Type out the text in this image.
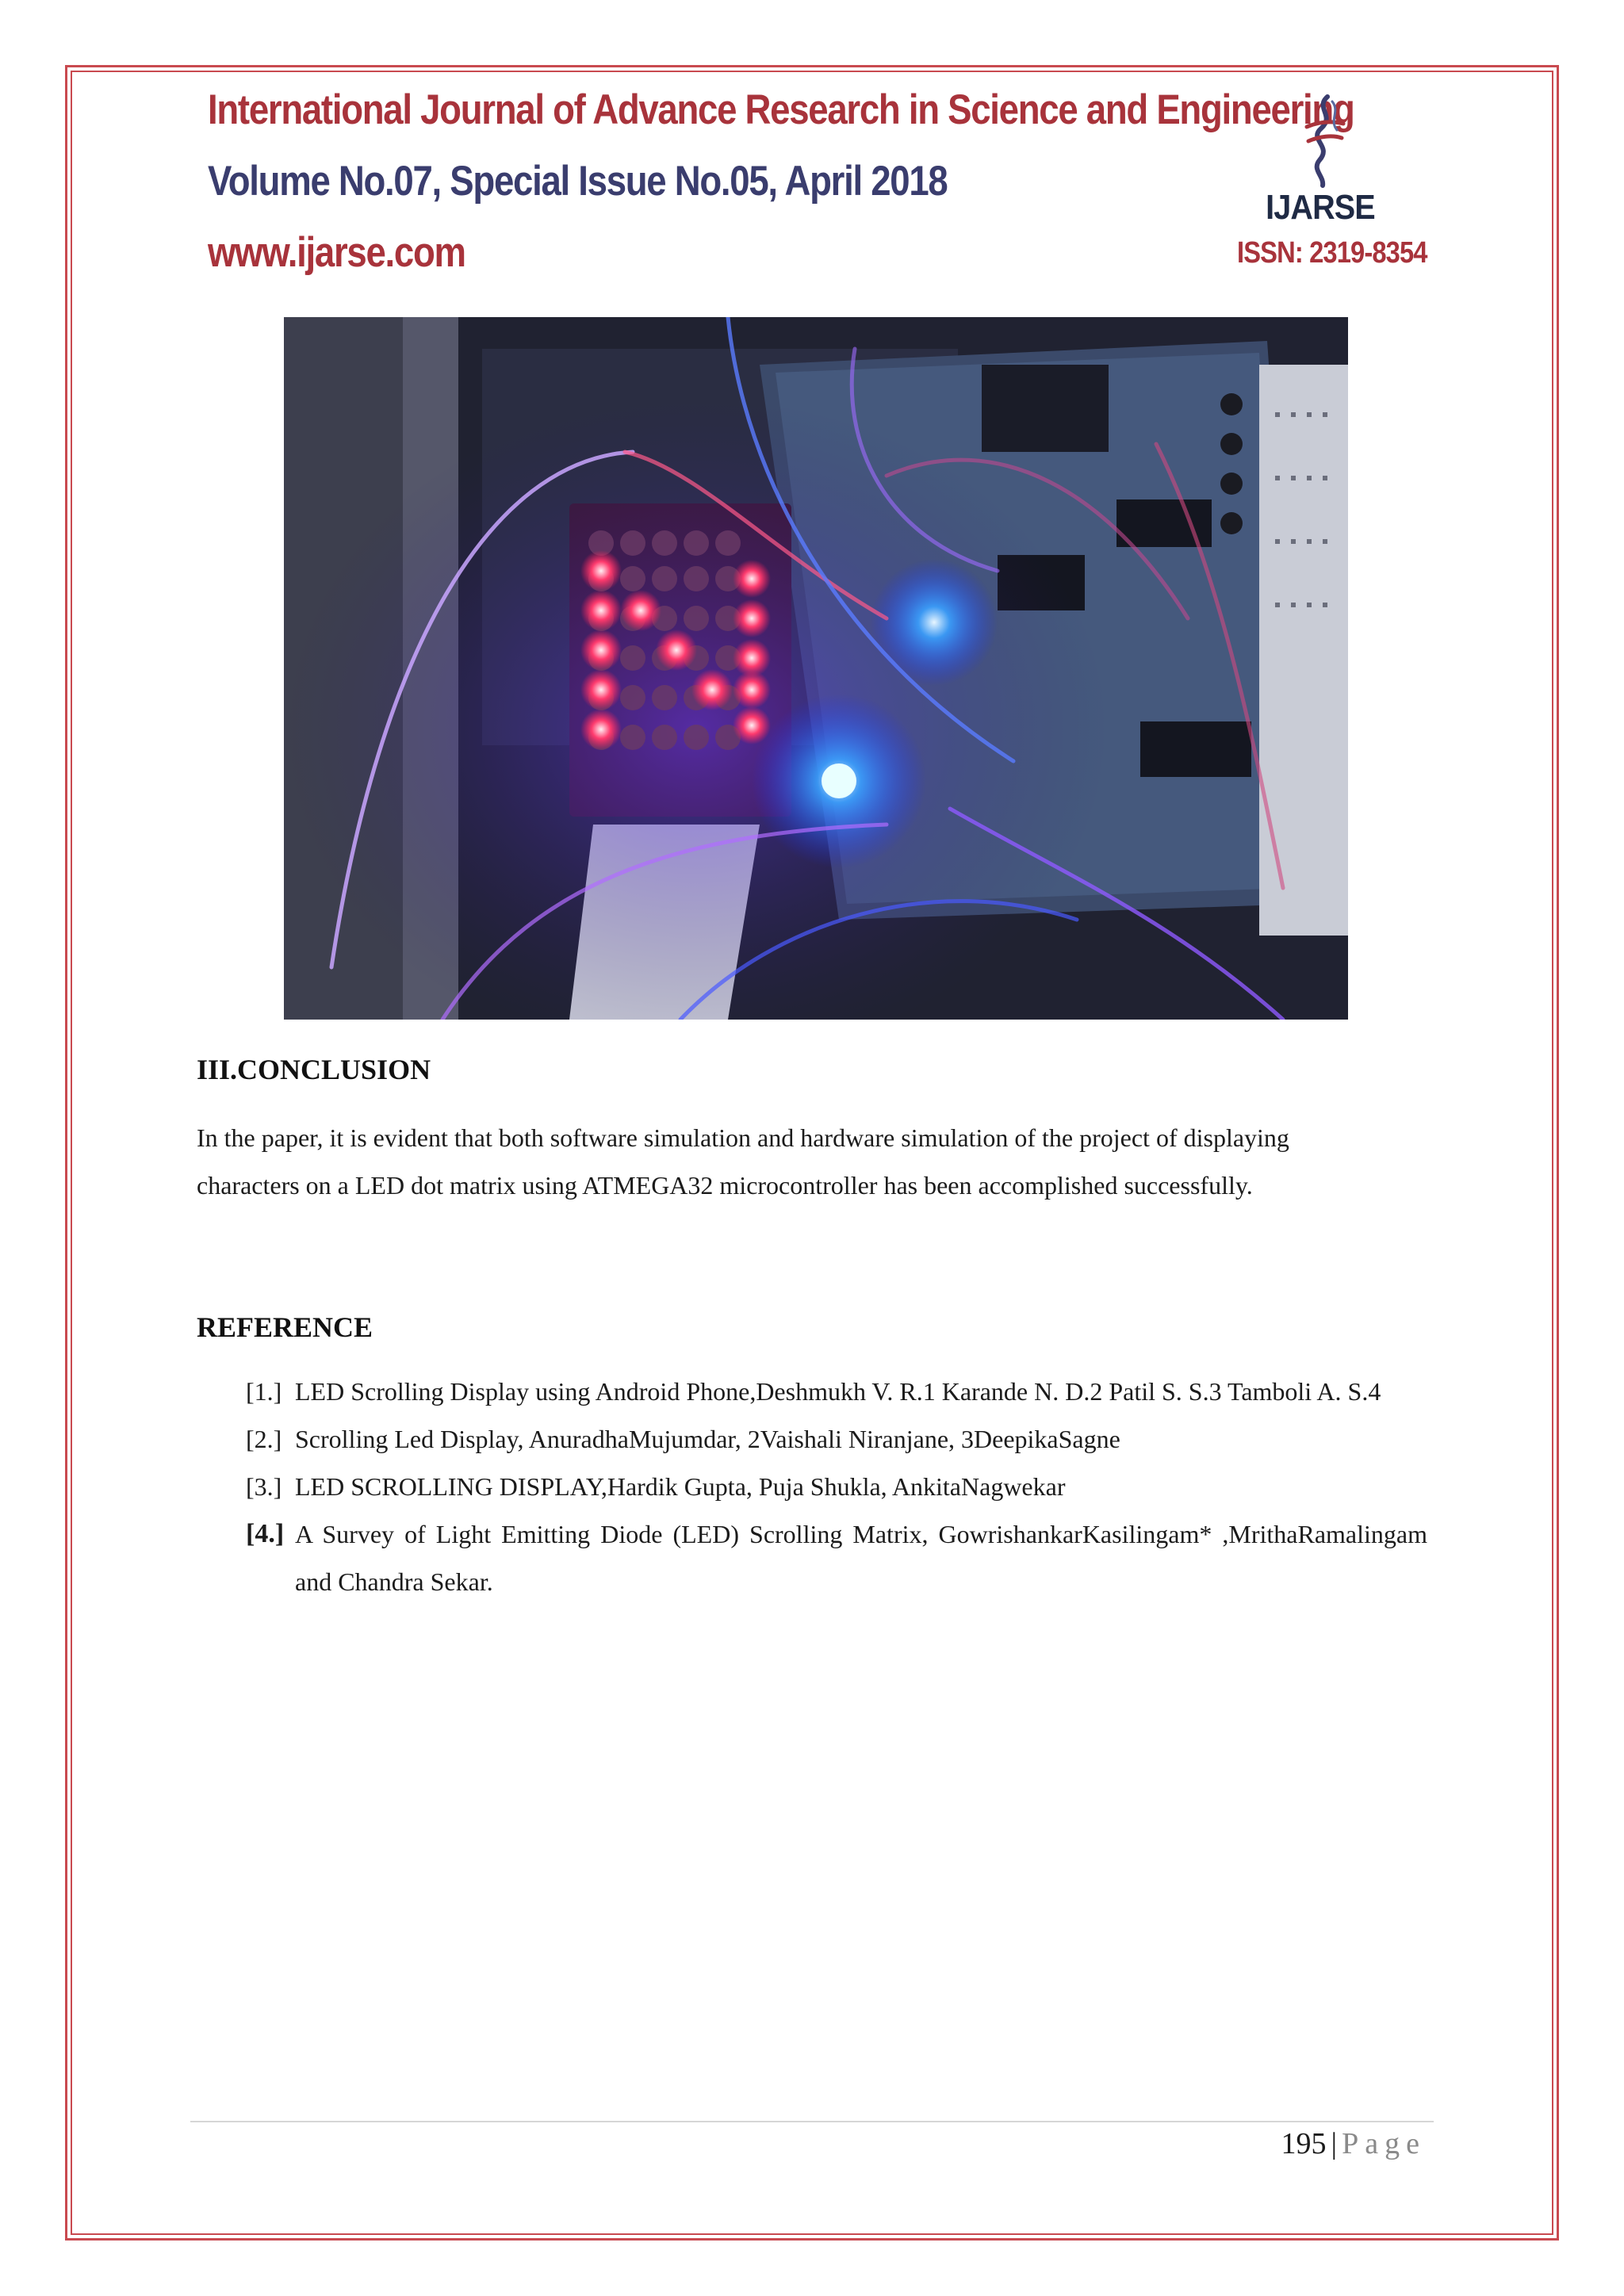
International Journal of Advance Research in Science and Engineering
Volume No.07, Special Issue No.05, April 2018
www.ijarse.com
IJARSE
ISSN: 2319-8354
III.CONCLUSION
In the paper, it is evident that both software simulation and hardware simulation of the project of displaying
characters on a LED dot matrix using ATMEGA32 microcontroller has been accomplished successfully.
REFERENCE
[1.] LED Scrolling Display using Android Phone,Deshmukh V. R.1 Karande N. D.2 Patil S. S.3 Tamboli A. S.4
[2.] Scrolling Led Display, AnuradhaMujumdar, 2Vaishali Niranjane, 3DeepikaSagne
[3.] LED SCROLLING DISPLAY,Hardik Gupta, Puja Shukla, AnkitaNagwekar
[4.] A Survey of Light Emitting Diode (LED) Scrolling Matrix, GowrishankarKasilingam* ,MrithaRamalingam and Chandra Sekar.
195 | Page
